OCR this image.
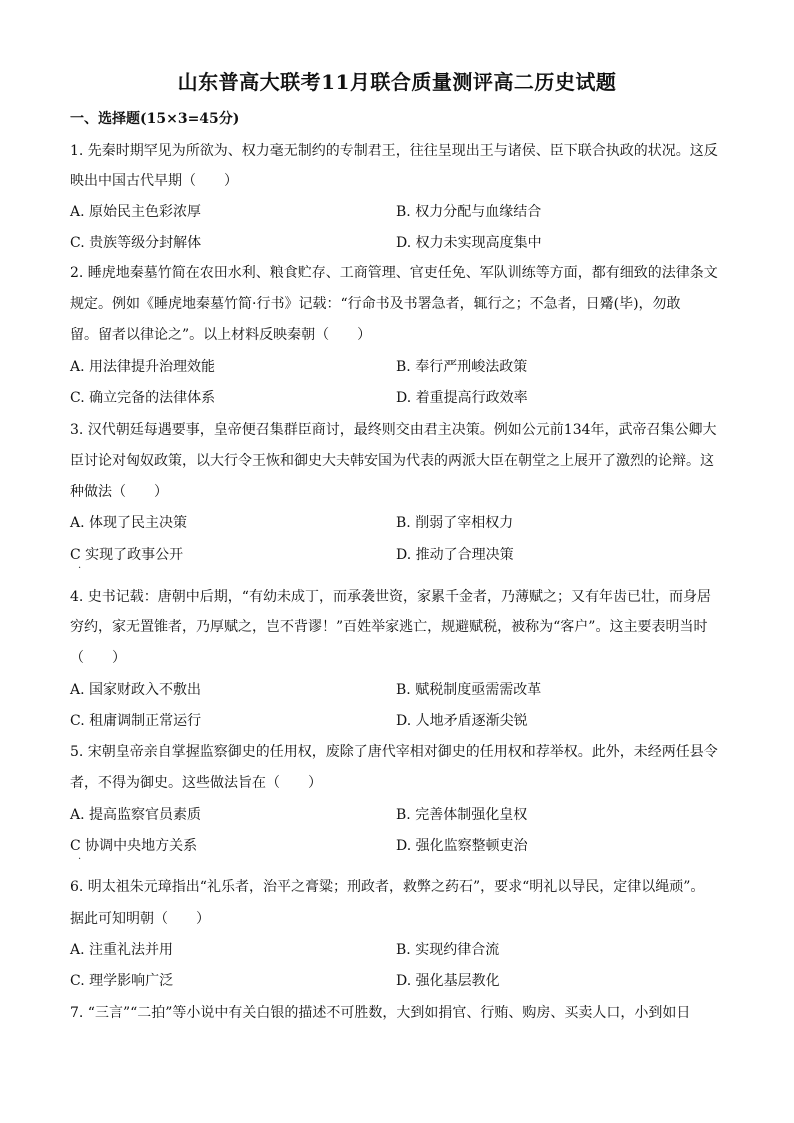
山东普高大联考11月联合质量测评高二历史试题
一、选择题(15×3=45分)
1. 先秦时期罕见为所欲为、权力毫无制约的专制君王，往往呈现出王与诸侯、臣下联合执政的状况。这反
映出中国古代早期（　　）
A. 原始民主色彩浓厚	B. 权力分配与血缘结合
C. 贵族等级分封解体	D. 权力未实现高度集中
2. 睡虎地秦墓竹简在农田水利、粮食贮存、工商管理、官吏任免、军队训练等方面，都有细致的法律条文
规定。例如《睡虎地秦墓竹简·行书》记载：“行命书及书署急者，辄行之；不急者，日觱(毕)，勿敢
留。留者以律论之”。以上材料反映秦朝（　　）
A. 用法律提升治理效能	B. 奉行严刑峻法政策
C. 确立完备的法律体系	D. 着重提高行政效率
3. 汉代朝廷每遇要事，皇帝便召集群臣商讨，最终则交由君主决策。例如公元前134年，武帝召集公卿大
臣讨论对匈奴政策，以大行令王恢和御史大夫韩安国为代表的两派大臣在朝堂之上展开了激烈的论辩。这
种做法（　　）
A. 体现了民主决策	B. 削弱了宰相权力
C 实现了政事公开	D. 推动了合理决策
·
4. 史书记载：唐朝中后期，“有幼未成丁，而承袭世资，家累千金者，乃薄赋之；又有年齿已壮，而身居
穷约，家无置锥者，乃厚赋之，岂不背谬！”百姓举家逃亡，规避赋税，被称为“客户”。这主要表明当时
（　　）
A. 国家财政入不敷出	B. 赋税制度亟需需改革
C. 租庸调制正常运行	D. 人地矛盾逐渐尖锐
5. 宋朝皇帝亲自掌握监察御史的任用权，废除了唐代宰相对御史的任用权和荐举权。此外，未经两任县令
者，不得为御史。这些做法旨在（　　）
A. 提高监察官员素质	B. 完善体制强化皇权
C 协调中央地方关系	D. 强化监察整顿吏治
·
6. 明太祖朱元璋指出“礼乐者，治平之膏粱；刑政者，救弊之药石”，要求“明礼以导民，定律以绳顽”。
据此可知明朝（　　）
A. 注重礼法并用	B. 实现约律合流
C. 理学影响广泛	D. 强化基层教化
7. “三言”“二拍”等小说中有关白银的描述不可胜数，大到如捐官、行贿、购房、买卖人口，小到如日
